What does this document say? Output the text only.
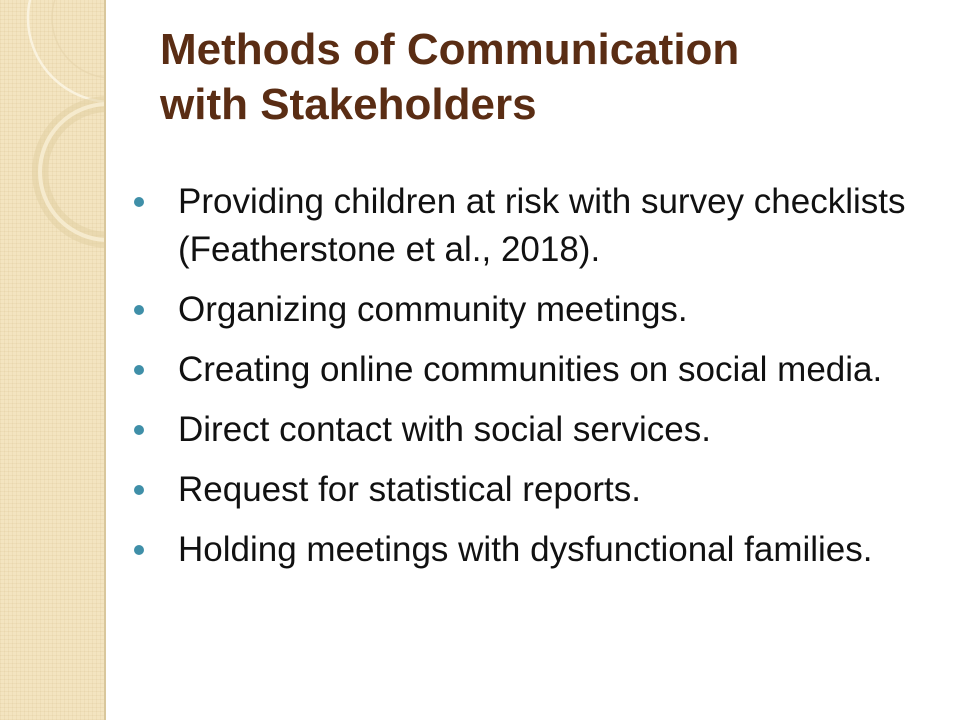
Methods of Communication
with Stakeholders
Providing children at risk with survey checklists (Featherstone et al., 2018).
Organizing community meetings.
Creating online communities on social media.
Direct contact with social services.
Request for statistical reports.
Holding meetings with dysfunctional families.
